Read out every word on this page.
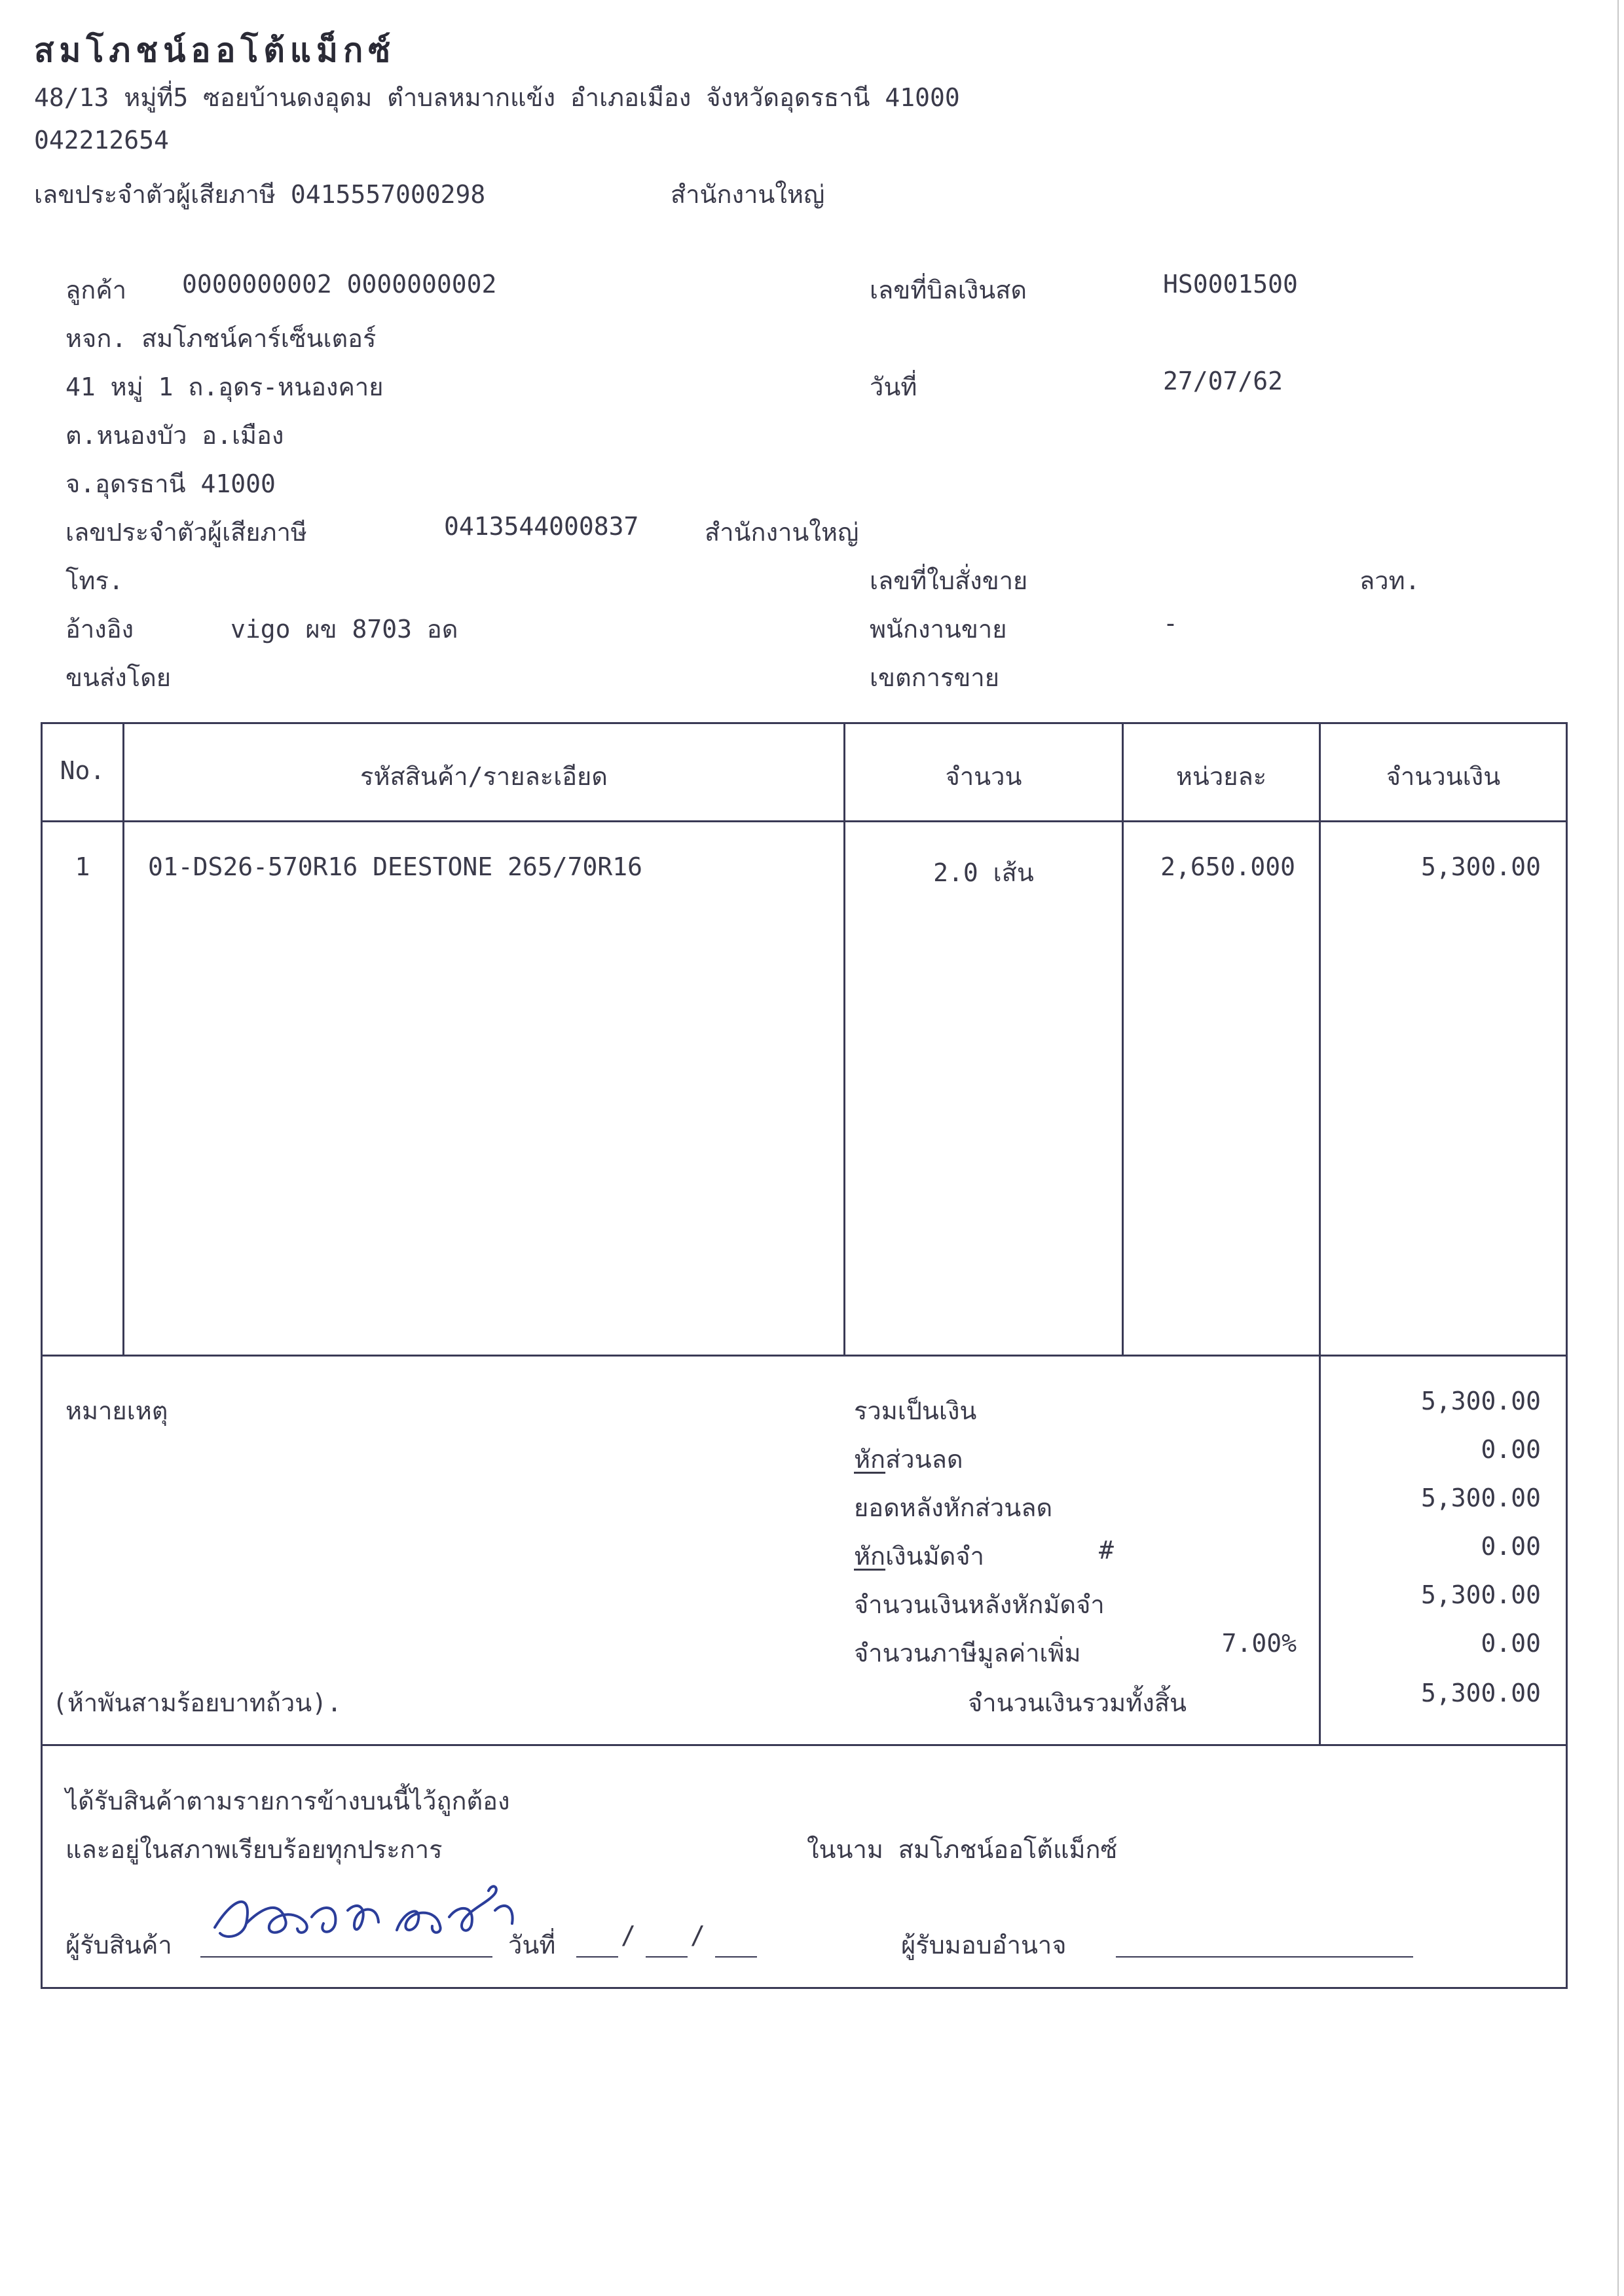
สมโภชน์ออโต้แม็กซ์
48/13 หมู่ที่5 ซอยบ้านดงอุดม ตำบลหมากแข้ง อำเภอเมือง จังหวัดอุดรธานี 41000
042212654
เลขประจำตัวผู้เสียภาษี 0415557000298	สำนักงานใหญ่
ลูกค้า 0000000002 0000000002
หจก. สมโภชน์คาร์เซ็นเตอร์
41 หมู่ 1 ถ.อุดร-หนองคาย
ต.หนองบัว อ.เมือง
จ.อุดรธานี 41000
เลขประจำตัวผู้เสียภาษี	0413544000837	สำนักงานใหญ่
โทร.
อ้างอิง	vigo ผข 8703 อด
ขนส่งโดย
เลขที่บิลเงินสด	HS0001500
วันที่	27/07/62
เลขที่ใบสั่งขาย	ลวท.
พนักงานขาย	-
เขตการขาย
No.	รหัสสินค้า/รายละเอียด	จำนวน	หน่วยละ	จำนวนเงิน
1	01-DS26-570R16 DEESTONE 265/70R16	2.0 เส้น	2,650.000	5,300.00
หมายเหตุ
(ห้าพันสามร้อยบาทถ้วน).
รวมเป็นเงิน	5,300.00
หักส่วนลด	0.00
ยอดหลังหักส่วนลด	5,300.00
หักเงินมัดจำ	#	0.00
จำนวนเงินหลังหักมัดจำ	5,300.00
จำนวนภาษีมูลค่าเพิ่ม	7.00%	0.00
จำนวนเงินรวมทั้งสิ้น	5,300.00
ได้รับสินค้าตามรายการข้างบนนี้ไว้ถูกต้อง
และอยู่ในสภาพเรียบร้อยทุกประการ	ในนาม สมโภชน์ออโต้แม็กซ์
ผู้รับสินค้า	วันที่	/ /	ผู้รับมอบอำนาจ
